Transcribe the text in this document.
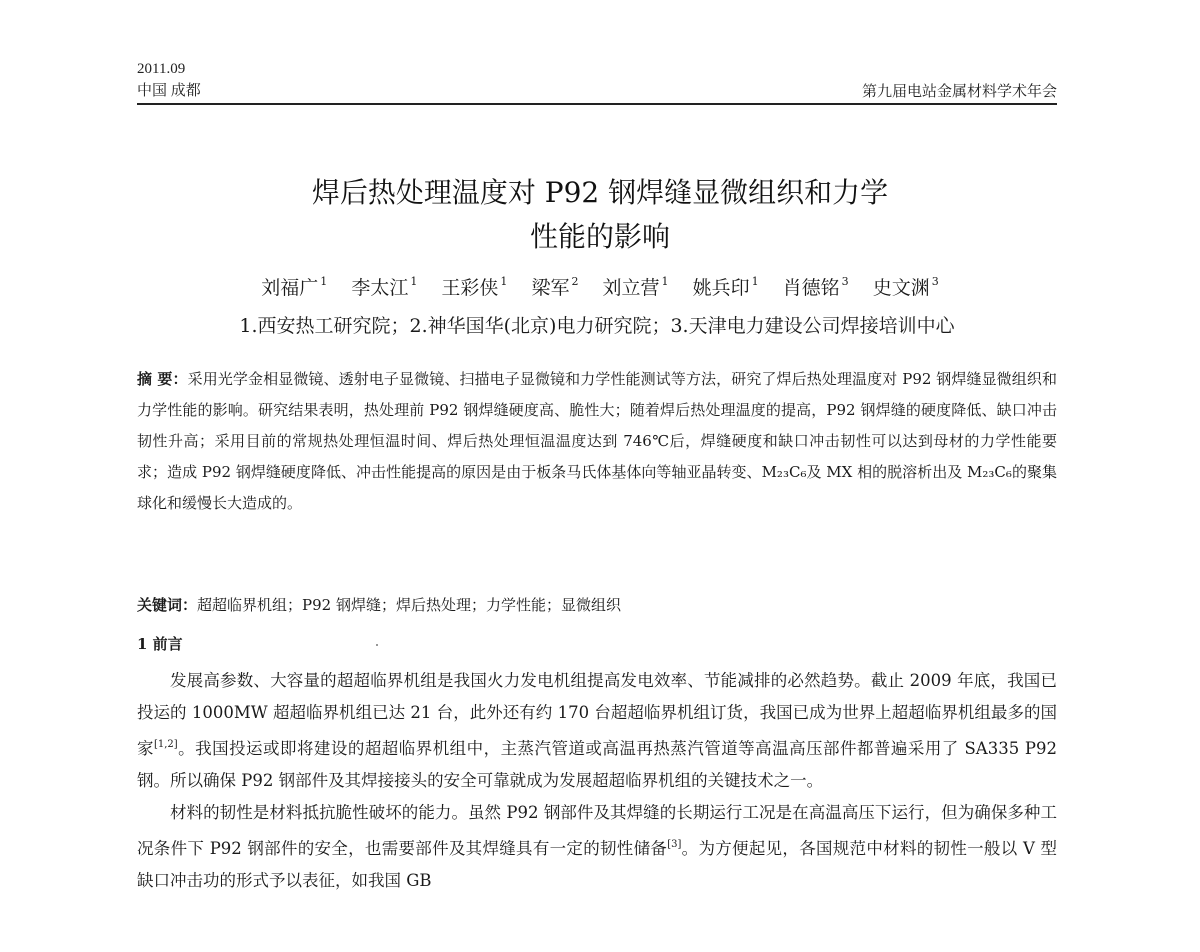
2011.09
中国 成都	第九届电站金属材料学术年会
焊后热处理温度对 P92 钢焊缝显微组织和力学
性能的影响
刘福广 $^1$ 李太江 $^1$ 王彩侠 $^1$ 梁军 $^2$ 刘立营 $^1$ 姚兵印 $^1$ 肖德铭 $^3$ 史文渊 $^3$
1.西安热工研究院；2.神华国华(北京)电力研究院；3.天津电力建设公司焊接培训中心
摘 要：采用光学金相显微镜、透射电子显微镜、扫描电子显微镜和力学性能测试等方法，研究了焊后热处理温度对 P92 钢焊缝显微组织和力学性能的影响。研究结果表明，热处理前 P92 钢焊缝硬度高、脆性大；随着焊后热处理温度的提高，P92 钢焊缝的硬度降低、缺口冲击韧性升高；采用目前的常规热处理恒温时间、焊后热处理恒温温度达到 746℃后，焊缝硬度和缺口冲击韧性可以达到母材的力学性能要求；造成 P92 钢焊缝硬度降低、冲击性能提高的原因是由于板条马氏体基体向等轴亚晶转变、M₂₃C₆及 MX 相的脱溶析出及 M₂₃C₆的聚集球化和缓慢长大造成的。
关键词：超超临界机组；P92 钢焊缝；焊后热处理；力学性能；显微组织
1 前言

发展高参数、大容量的超超临界机组是我国火力发电机组提高发电效率、节能减排的必然趋势。截止 2009 年底，我国已投运的 1000MW 超超临界机组已达 21 台，此外还有约 170 台超超临界机组订货，我国已成为世界上超超临界机组最多的国家[1,2]。我国投运或即将建设的超超临界机组中，主蒸汽管道或高温再热蒸汽管道等高温高压部件都普遍采用了 SA335 P92 钢。所以确保 P92 钢部件及其焊接接头的安全可靠就成为发展超超临界机组的关键技术之一。

材料的韧性是材料抵抗脆性破坏的能力。虽然 P92 钢部件及其焊缝的长期运行工况是在高温高压下运行，但为确保多种工况条件下 P92 钢部件的安全，也需要部件及其焊缝具有一定的韧性储备[3]。为方便起见，各国规范中材料的韧性一般以 V 型缺口冲击功的形式予以表征，如我国 GB
